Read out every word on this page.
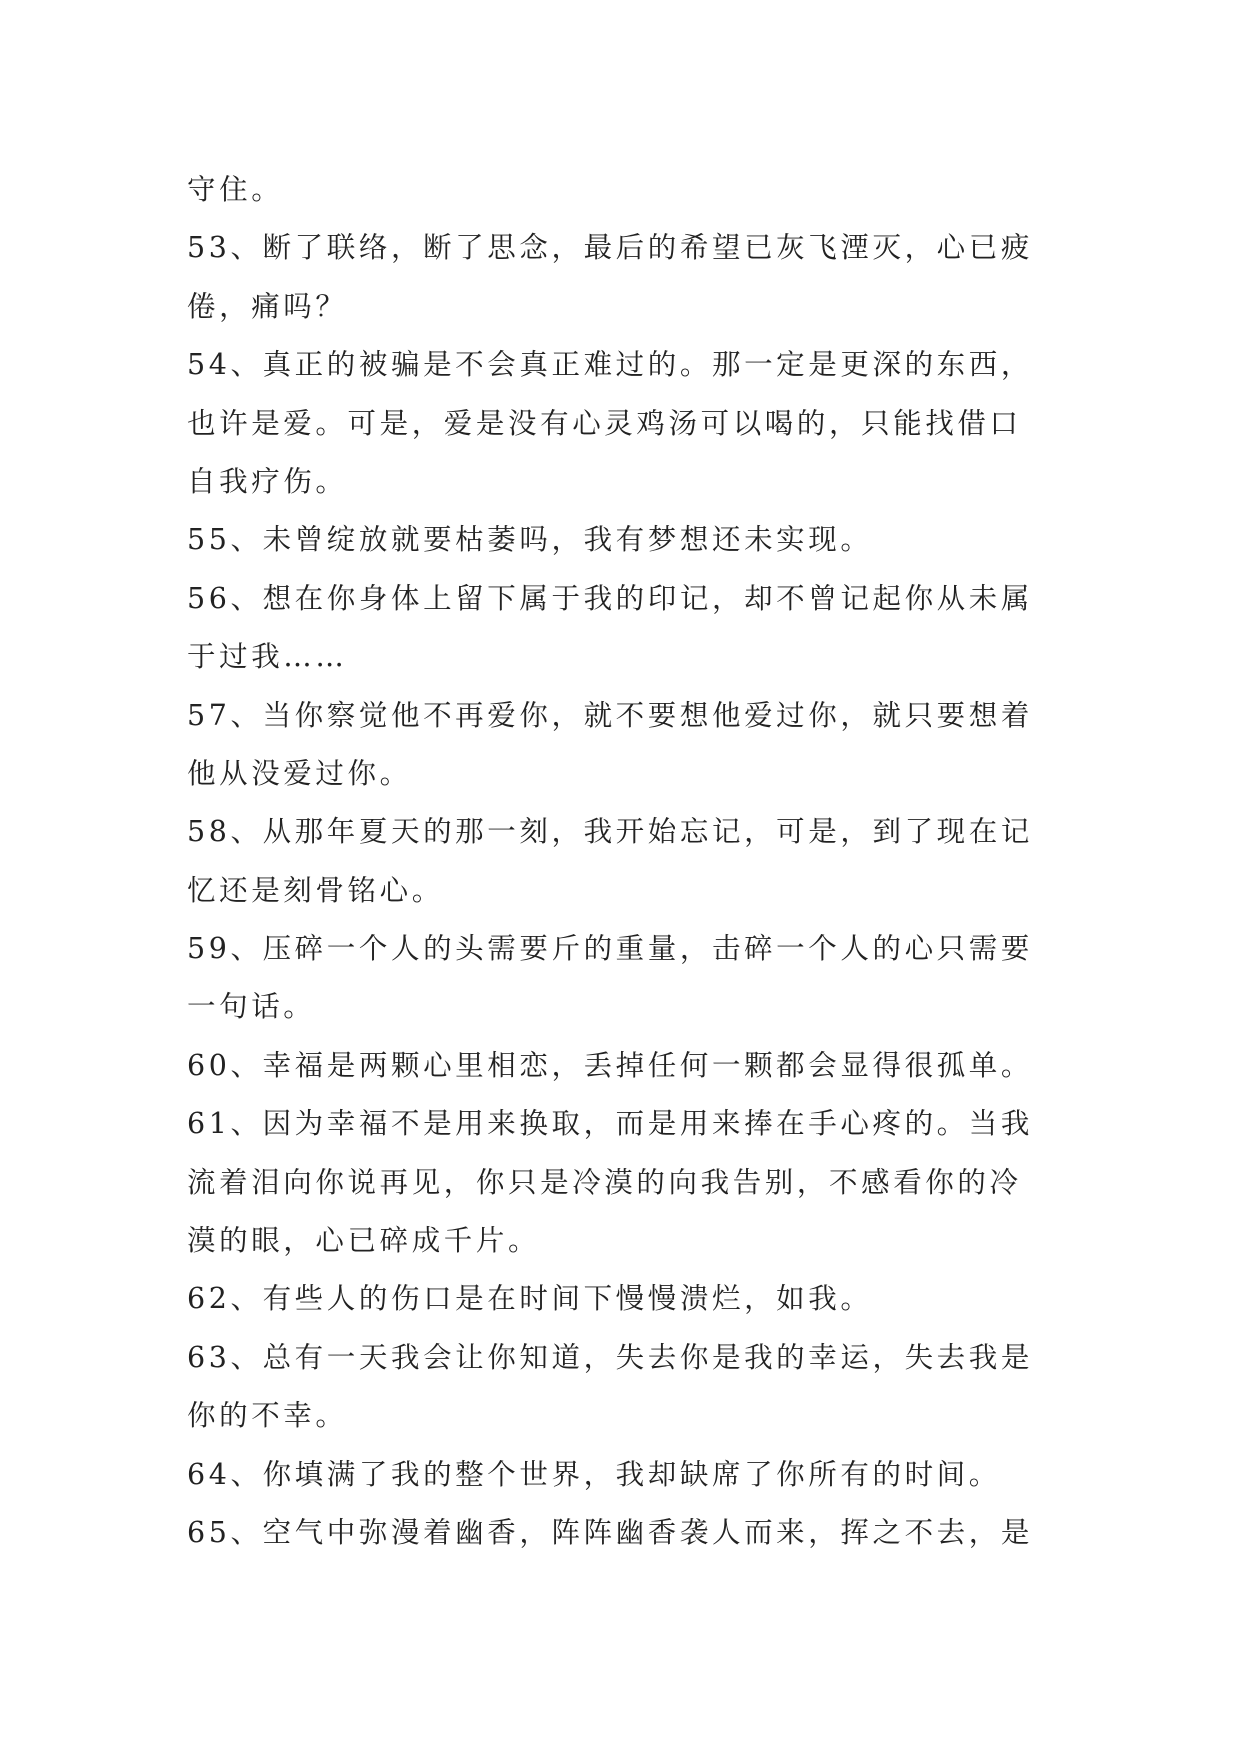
守住。
53、断了联络，断了思念，最后的希望已灰飞湮灭，心已疲
倦，痛吗？
54、真正的被骗是不会真正难过的。那一定是更深的东西，
也许是爱。可是，爱是没有心灵鸡汤可以喝的，只能找借口
自我疗伤。
55、未曾绽放就要枯萎吗，我有梦想还未实现。
56、想在你身体上留下属于我的印记，却不曾记起你从未属
于过我……
57、当你察觉他不再爱你，就不要想他爱过你，就只要想着
他从没爱过你。
58、从那年夏天的那一刻，我开始忘记，可是，到了现在记
忆还是刻骨铭心。
59、压碎一个人的头需要斤的重量，击碎一个人的心只需要
一句话。
60、幸福是两颗心里相恋，丢掉任何一颗都会显得很孤单。
61、因为幸福不是用来换取，而是用来捧在手心疼的。当我
流着泪向你说再见，你只是冷漠的向我告别，不感看你的冷
漠的眼，心已碎成千片。
62、有些人的伤口是在时间下慢慢溃烂，如我。
63、总有一天我会让你知道，失去你是我的幸运，失去我是
你的不幸。
64、你填满了我的整个世界，我却缺席了你所有的时间。
65、空气中弥漫着幽香，阵阵幽香袭人而来，挥之不去，是
